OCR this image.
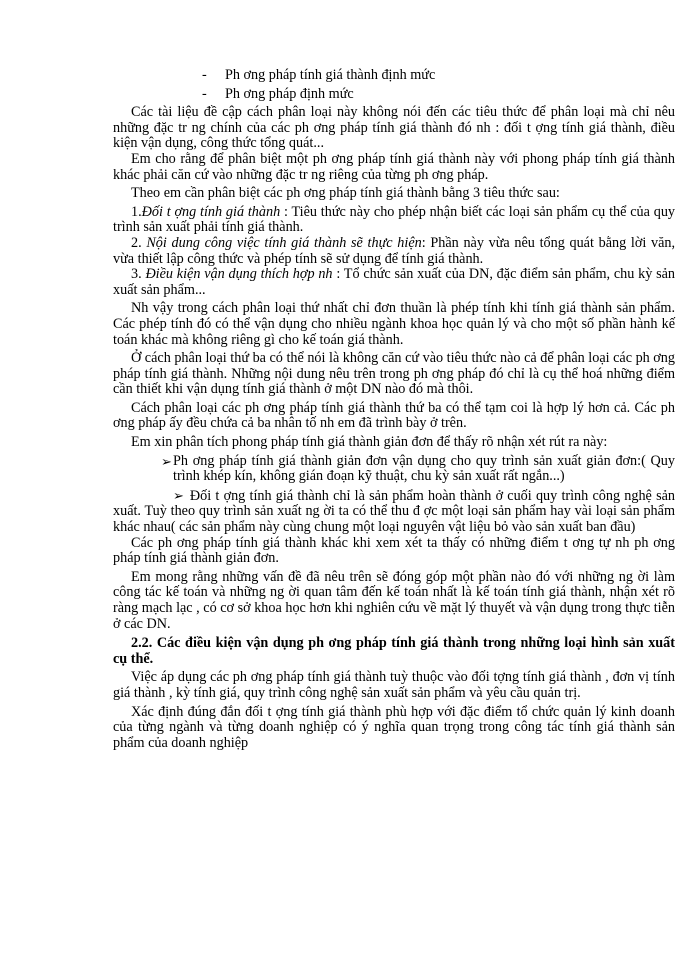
- Ph ơng pháp tính giá thành định mức

- Ph ơng pháp định mức

Các tài liệu đề cập cách phân loại này không nói đến các tiêu thức để phân loại mà chỉ nêu những đặc tr ng chính của các ph ơng pháp tính giá thành đó nh : đối t ợng tính giá thành, điều kiện vận dụng, công thức tổng quát...

Em cho rằng để phân biệt một ph ơng pháp tính giá thành này với phong pháp tính giá thành khác phải căn cứ vào những đặc tr ng riêng của từng ph ơng pháp.

Theo em cần phân biệt các ph ơng pháp tính giá thành bằng 3 tiêu thức sau:

1.Đối t ợng tính giá thành : Tiêu thức này cho phép nhận biết các loại sản phẩm cụ thể của quy trình sản xuất phải tính giá thành.

2. Nội dung công việc tính giá thành sẽ thực hiện: Phần này vừa nêu tổng quát bằng lời văn, vừa thiết lập công thức và phép tính sẽ sử dụng để tính giá thành.

3. Điều kiện vận dụng thích hợp nh : Tổ chức sản xuất của DN, đặc điểm sản phẩm, chu kỳ sản xuất sản phẩm...

Nh vậy trong cách phân loại thứ nhất chỉ đơn thuần là phép tính khi tính giá thành sản phẩm. Các phép tính đó có thể vận dụng cho nhiều ngành khoa học quản lý và cho một số phần hành kế toán khác mà không riêng gì cho kế toán giá thành.

Ở cách phân loại thứ ba có thể nói là không căn cứ vào tiêu thức nào cả để phân loại các ph ơng pháp tính giá thành. Những nội dung nêu trên trong ph ơng pháp đó chỉ là cụ thể hoá những điểm cần thiết khi vận dụng tính giá thành ở một DN nào đó mà thôi.

Cách phân loại các ph ơng pháp tính giá thành thứ ba có thể tạm coi là hợp lý hơn cả. Các ph ơng pháp ấy đều chứa cả ba nhân tố nh em đã trình bày ở trên.

Em xin phân tích phong pháp tính giá thành giản đơn để thấy rõ nhận xét rút ra này:

➢ Ph ơng pháp tính giá thành giản đơn vận dụng cho quy trình sản xuất giản đơn:( Quy trình khép kín, không gián đoạn kỹ thuật, chu kỳ sản xuất rất ngắn...)

➢ Đối t ợng tính giá thành chỉ là sản phẩm hoàn thành ở cuối quy trình công nghệ sản xuất. Tuỳ theo quy trình sản xuất ng ời ta có thể thu đ ợc một loại sản phẩm hay vài loại sản phẩm khác nhau( các sản phẩm này cùng chung một loại nguyên vật liệu bỏ vào sản xuất ban đầu)

Các ph ơng pháp tính giá thành khác khi xem xét ta thấy có những điểm t ơng tự nh ph ơng pháp tính giá thành giản đơn.

Em mong rằng những vấn đề đã nêu trên sẽ đóng góp một phần nào đó với những ng ời làm công tác kế toán và những ng ời quan tâm đến kế toán nhất là kế toán tính giá thành, nhận xét rõ ràng mạch lạc , có cơ sở khoa học hơn khi nghiên cứu về mặt lý thuyết và vận dụng trong thực tiễn ở các DN.

2.2. Các điều kiện vận dụng ph ơng pháp tính giá thành trong những loại hình sản xuất cụ thể.

Việc áp dụng các ph ơng pháp tính giá thành tuỳ thuộc vào đối tợng tính giá thành , đơn vị tính giá thành , kỳ tính giá, quy trình công nghệ sản xuất sản phẩm và yêu cầu quản trị.

Xác định đúng đắn đối t ợng tính giá thành phù hợp với đặc điểm tổ chức quản lý kinh doanh của từng ngành và từng doanh nghiệp có ý nghĩa quan trọng trong công tác tính giá thành sản phẩm của doanh nghiệp
